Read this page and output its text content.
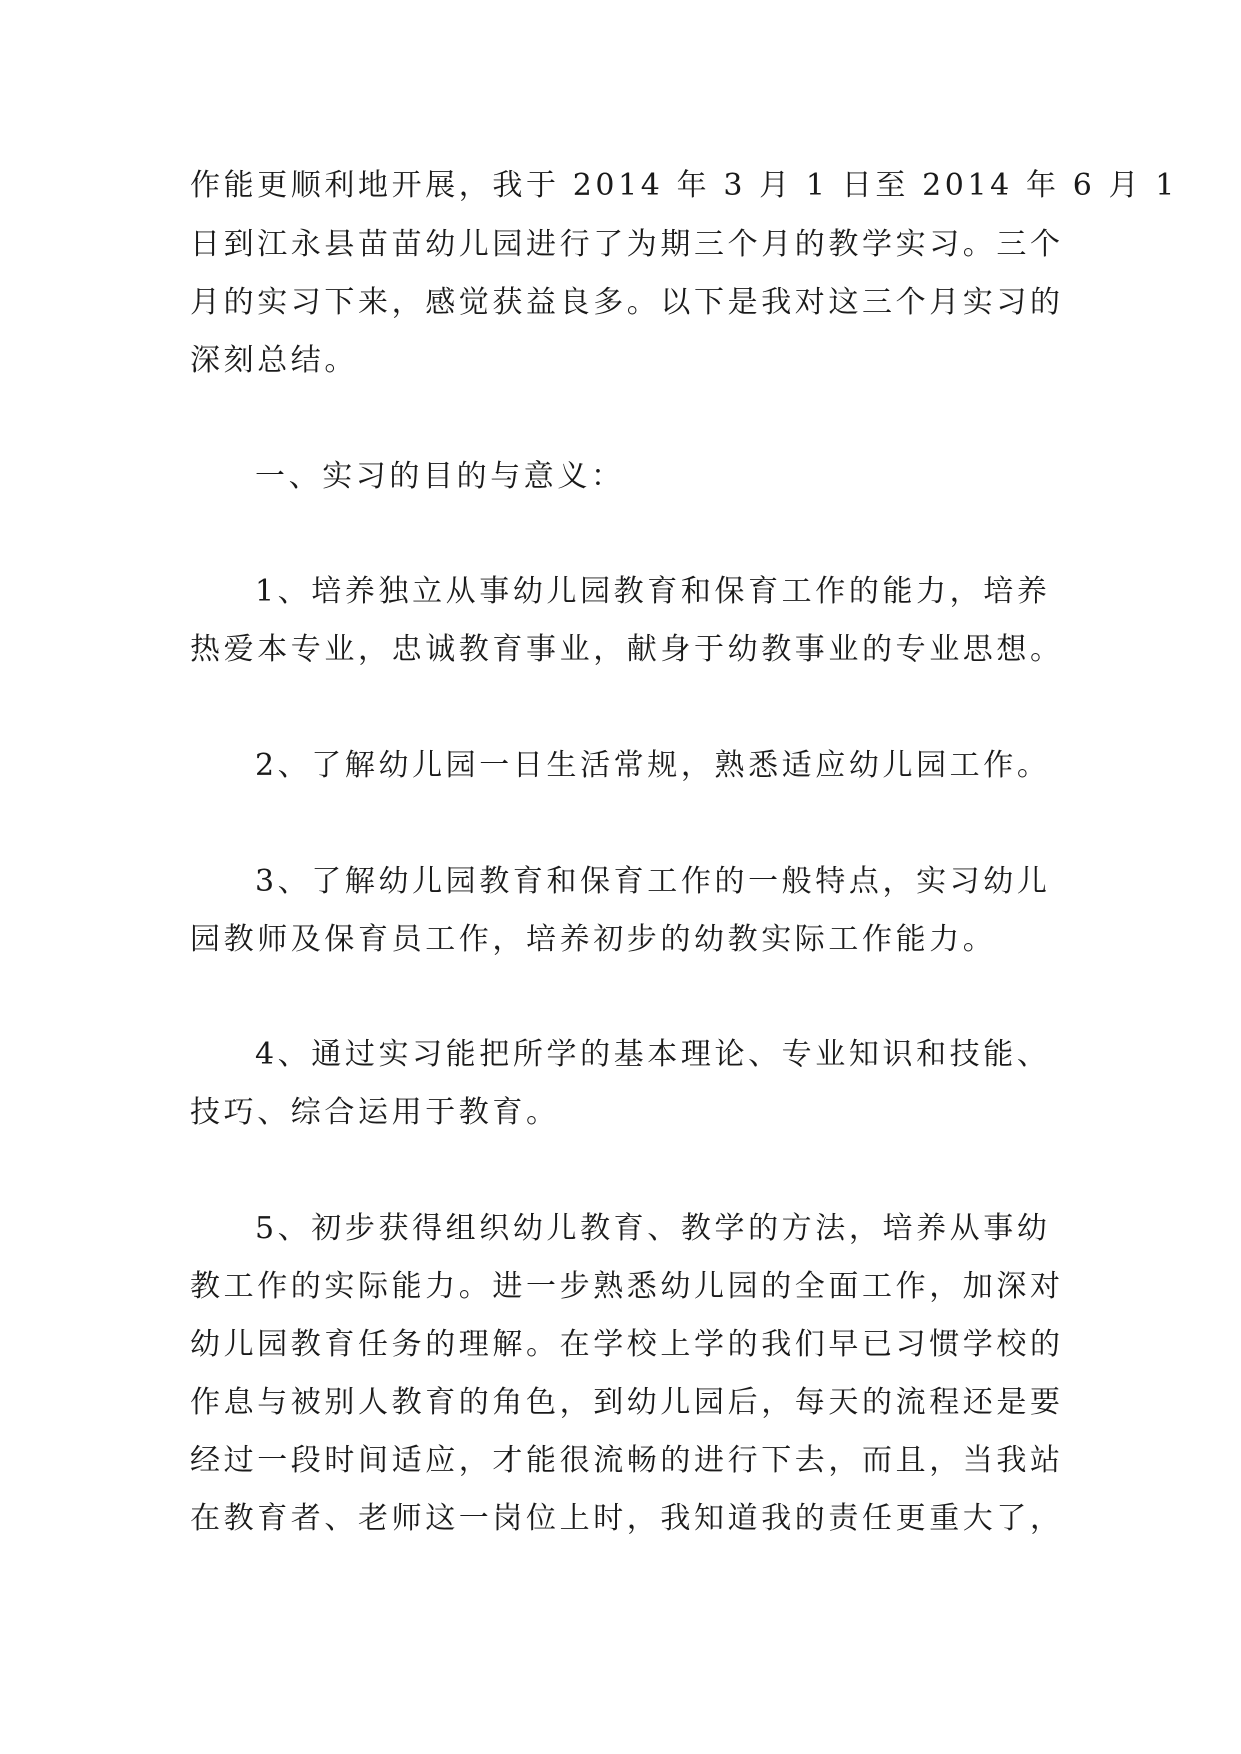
作能更顺利地开展，我于 2014 年 3 月 1 日至 2014 年 6 月 1
日到江永县苗苗幼儿园进行了为期三个月的教学实习。三个
月的实习下来，感觉获益良多。以下是我对这三个月实习的
深刻总结。
一、实习的目的与意义：
1、培养独立从事幼儿园教育和保育工作的能力，培养
热爱本专业，忠诚教育事业，献身于幼教事业的专业思想。
2、了解幼儿园一日生活常规，熟悉适应幼儿园工作。
3、了解幼儿园教育和保育工作的一般特点，实习幼儿
园教师及保育员工作，培养初步的幼教实际工作能力。
4、通过实习能把所学的基本理论、专业知识和技能、
技巧、综合运用于教育。
5、初步获得组织幼儿教育、教学的方法，培养从事幼
教工作的实际能力。进一步熟悉幼儿园的全面工作，加深对
幼儿园教育任务的理解。在学校上学的我们早已习惯学校的
作息与被别人教育的角色，到幼儿园后，每天的流程还是要
经过一段时间适应，才能很流畅的进行下去，而且，当我站
在教育者、老师这一岗位上时，我知道我的责任更重大了，
